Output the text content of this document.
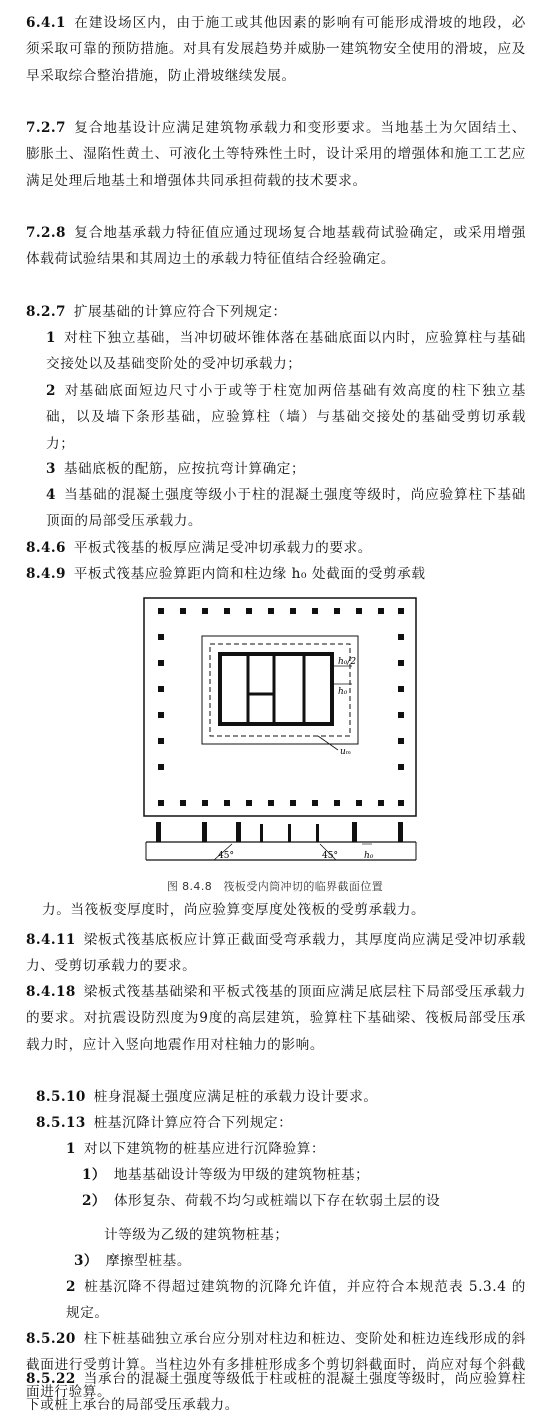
6.4.1 在建设场区内，由于施工或其他因素的影响有可能形成滑坡的地段，必须采取可靠的预防措施。对具有发展趋势并威胁一建筑物安全使用的滑坡，应及早采取综合整治措施，防止滑坡继续发展。
7.2.7 复合地基设计应满足建筑物承载力和变形要求。当地基土为欠固结土、膨胀土、湿陷性黄土、可液化土等特殊性土时，设计采用的增强体和施工工艺应满足处理后地基土和增强体共同承担荷载的技术要求。
7.2.8 复合地基承载力特征值应通过现场复合地基载荷试验确定，或采用增强体载荷试验结果和其周边土的承载力特征值结合经验确定。
8.2.7 扩展基础的计算应符合下列规定：
1 对柱下独立基础，当冲切破坏锥体落在基础底面以内时，应验算柱与基础交接处以及基础变阶处的受冲切承载力；
2 对基础底面短边尺寸小于或等于柱宽加两倍基础有效高度的柱下独立基础，以及墙下条形基础，应验算柱（墙）与基础交接处的基础受剪切承载力；
3 基础底板的配筋，应按抗弯计算确定；
4 当基础的混凝土强度等级小于柱的混凝土强度等级时，尚应验算柱下基础顶面的局部受压承载力。
8.4.6 平板式筏基的板厚应满足受冲切承载力的要求。
8.4.9 平板式筏基应验算距内筒和柱边缘 h₀ 处截面的受剪承载
h₀/2
h₀
uₘ
45°	45°	h₀
图 8.4.8　筏板受内筒冲切的临界截面位置
力。当筏板变厚度时，尚应验算变厚度处筏板的受剪承载力。
8.4.11 梁板式筏基底板应计算正截面受弯承载力，其厚度尚应满足受冲切承载力、受剪切承载力的要求。
8.4.18 梁板式筏基基础梁和平板式筏基的顶面应满足底层柱下局部受压承载力的要求。对抗震设防烈度为9度的高层建筑，验算柱下基础梁、筏板局部受压承载力时，应计入竖向地震作用对柱轴力的影响。
8.5.10 桩身混凝土强度应满足桩的承载力设计要求。
8.5.13 桩基沉降计算应符合下列规定：
1 对以下建筑物的桩基应进行沉降验算：
1） 地基基础设计等级为甲级的建筑物桩基；
2） 体形复杂、荷载不均匀或桩端以下存在软弱土层的设
计等级为乙级的建筑物桩基；
3） 摩擦型桩基。
2 桩基沉降不得超过建筑物的沉降允许值，并应符合本规范表 5.3.4 的规定。
8.5.20 柱下桩基础独立承台应分别对柱边和桩边、变阶处和桩边连线形成的斜截面进行受剪计算。当柱边外有多排桩形成多个剪切斜截面时，尚应对每个斜截面进行验算。
8.5.22 当承台的混凝土强度等级低于柱或桩的混凝土强度等级时，尚应验算柱下或桩上承台的局部受压承载力。
